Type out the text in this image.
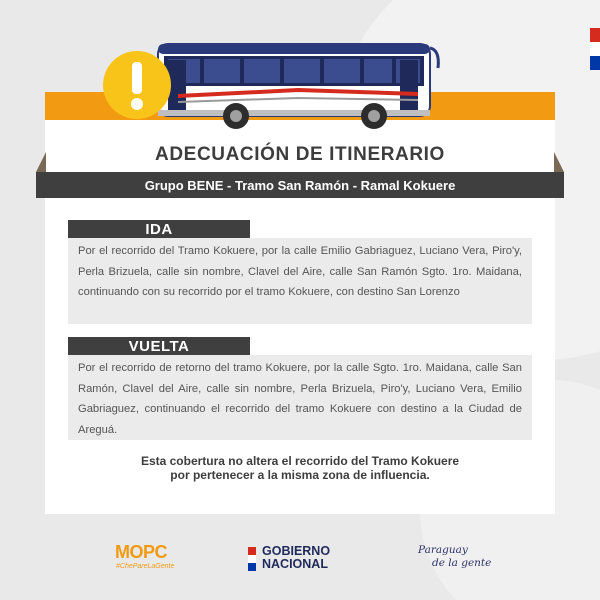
ADECUACIÓN DE ITINERARIO
Grupo BENE - Tramo San Ramón - Ramal Kokuere
IDA
Por el recorrido del Tramo Kokuere, por la calle Emilio Gabriaguez, Luciano Vera, Piro'y, Perla Brizuela, calle sin nombre, Clavel del Aire, calle San Ramón Sgto. 1ro. Maidana, continuando con su recorrido por el tramo Kokuere, con destino San Lorenzo
VUELTA
Por el recorrido de retorno del tramo Kokuere, por la calle Sgto. 1ro. Maidana, calle San Ramón, Clavel del Aire, calle sin nombre, Perla Brizuela, Piro'y, Luciano Vera, Emilio Gabriaguez, continuando el recorrido del tramo Kokuere con destino a la Ciudad de Areguá.
Esta cobertura no altera el recorrido del Tramo Kokuere
por pertenecer a la misma zona de influencia.
MOPC
#ChePareLaGente
GOBIERNO
NACIONAL
Paraguay
de la gente
